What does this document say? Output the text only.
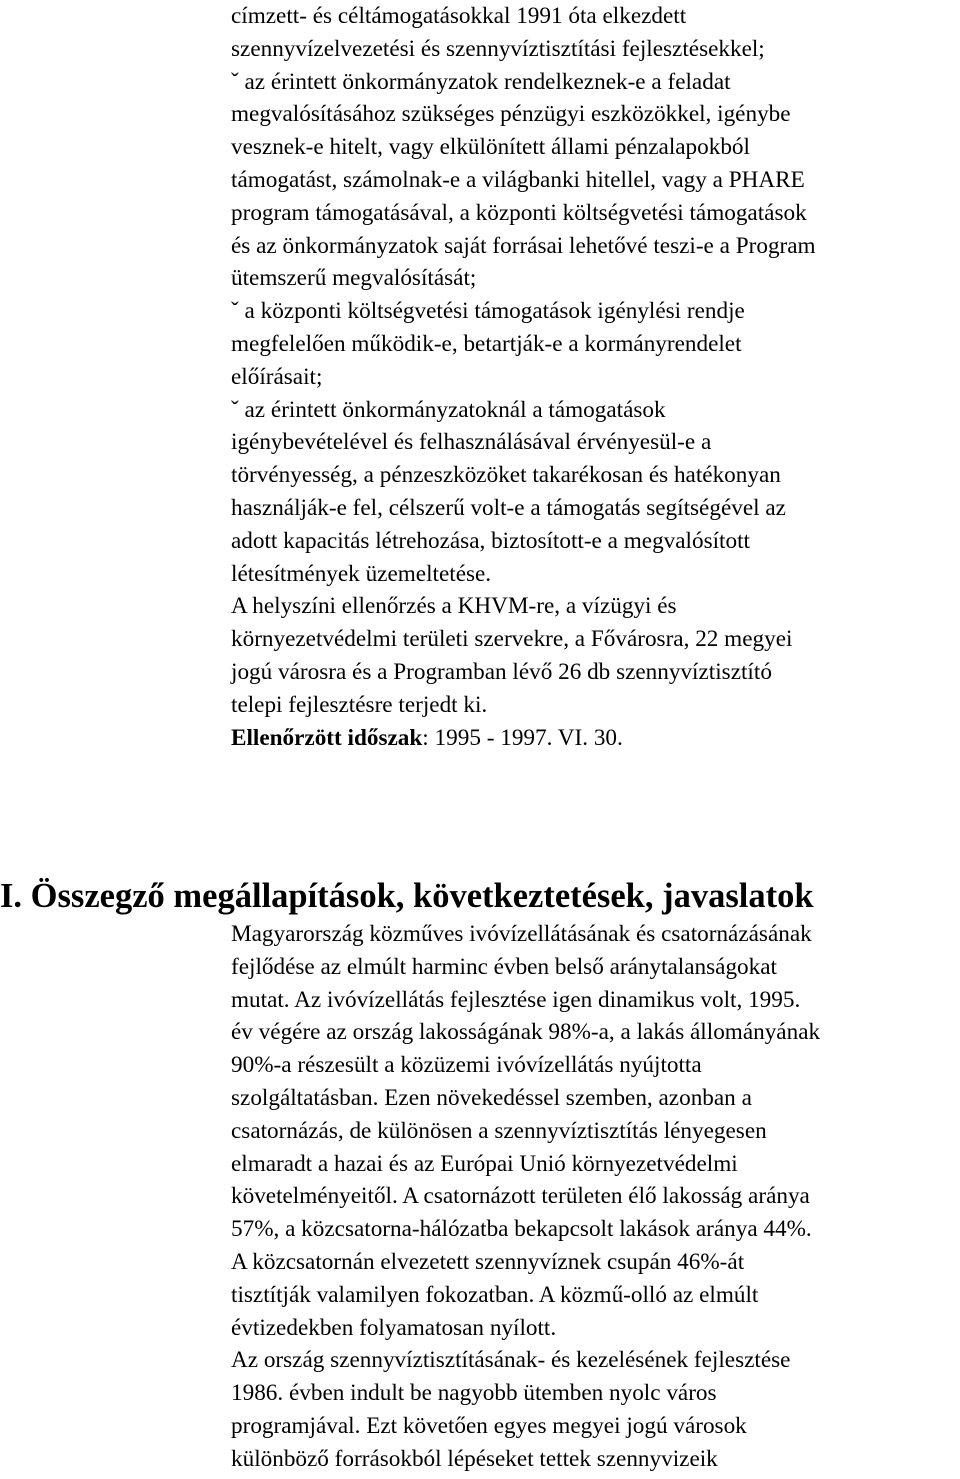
címzett- és céltámogatásokkal 1991 óta elkezdett
szennyvízelvezetési és szennyvíztisztítási fejlesztésekkel;
ˇ az érintett önkormányzatok rendelkeznek-e a feladat
megvalósításához szükséges pénzügyi eszközökkel, igénybe
vesznek-e hitelt, vagy elkülönített állami pénzalapokból
támogatást, számolnak-e a világbanki hitellel, vagy a PHARE
program támogatásával, a központi költségvetési támogatások
és az önkormányzatok saját forrásai lehetővé teszi-e a Program
ütemszerű megvalósítását;
ˇ a központi költségvetési támogatások igénylési rendje
megfelelően működik-e, betartják-e a kormányrendelet
előírásait;
ˇ az érintett önkormányzatoknál a támogatások
igénybevételével és felhasználásával érvényesül-e a
törvényesség, a pénzeszközöket takarékosan és hatékonyan
használják-e fel, célszerű volt-e a támogatás segítségével az
adott kapacitás létrehozása, biztosított-e a megvalósított
létesítmények üzemeltetése.
A helyszíni ellenőrzés a KHVM-re, a vízügyi és
környezetvédelmi területi szervekre, a Fővárosra, 22 megyei
jogú városra és a Programban lévő 26 db szennyvíztisztító
telepi fejlesztésre terjedt ki.
Ellenőrzött időszak: 1995 - 1997. VI. 30.
I. Összegző megállapítások, következtetések, javaslatok
Magyarország közműves ivóvízellátásának és csatornázásának
fejlődése az elmúlt harminc évben belső aránytalanságokat
mutat. Az ivóvízellátás fejlesztése igen dinamikus volt, 1995.
év végére az ország lakosságának 98%-a, a lakás állományának
90%-a részesült a közüzemi ivóvízellátás nyújtotta
szolgáltatásban. Ezen növekedéssel szemben, azonban a
csatornázás, de különösen a szennyvíztisztítás lényegesen
elmaradt a hazai és az Európai Unió környezetvédelmi
követelményeitől. A csatornázott területen élő lakosság aránya
57%, a közcsatorna-hálózatba bekapcsolt lakások aránya 44%.
A közcsatornán elvezetett szennyvíznek csupán 46%-át
tisztítják valamilyen fokozatban. A közmű-olló az elmúlt
évtizedekben folyamatosan nyílott.
Az ország szennyvíztisztításának- és kezelésének fejlesztése
1986. évben indult be nagyobb ütemben nyolc város
programjával. Ezt követően egyes megyei jogú városok
különböző forrásokból lépéseket tettek szennyvizeik
